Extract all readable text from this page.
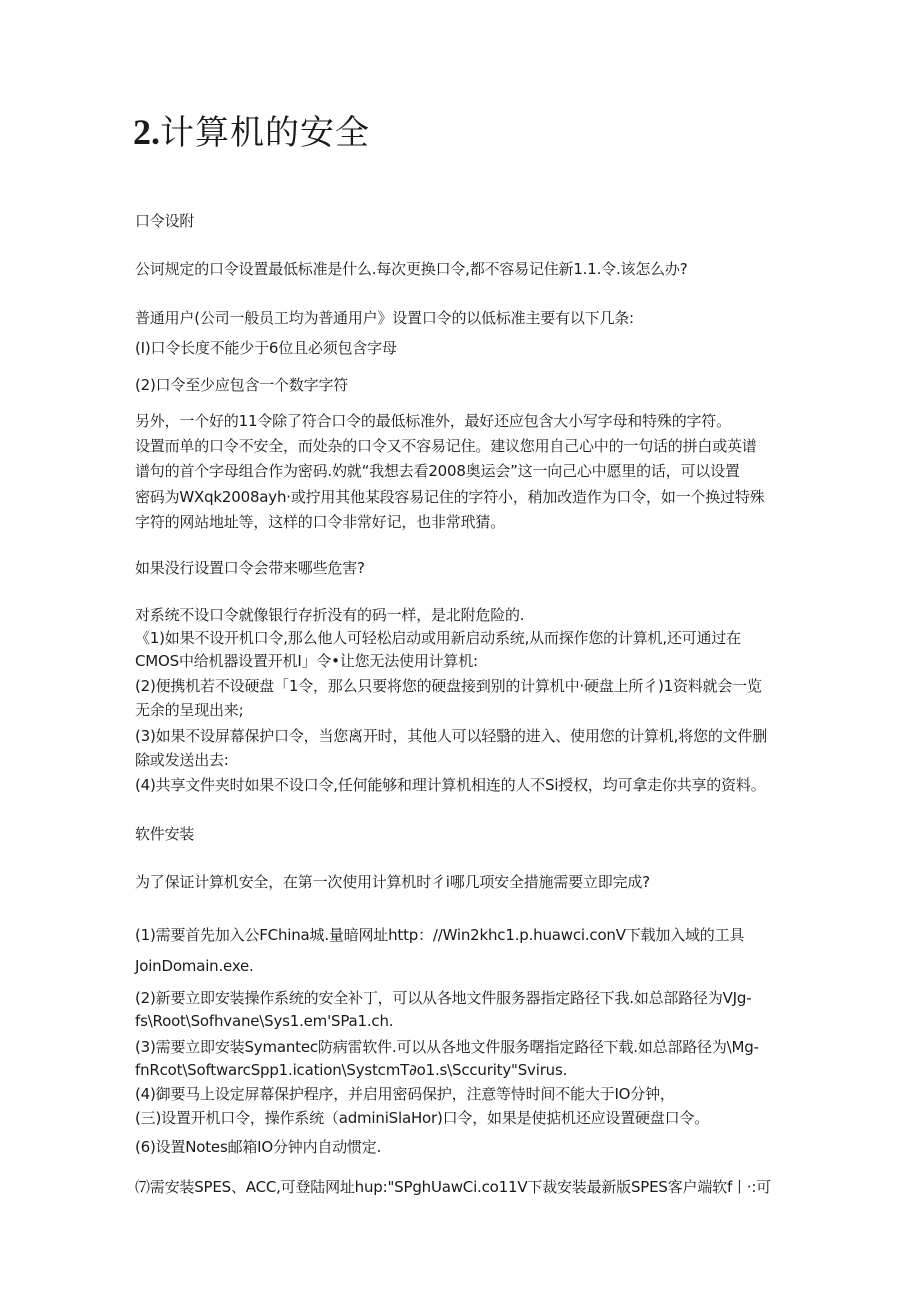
2.计算机的安全

口令设附

公诃规定的口令设置最低标准是什么.每次更换口令,都不容易记住新1.1.令.该怎么办?

普通用户(公司一般员工均为普通用户》设置口令的以低标准主要有以下几条:

(I)口令长度不能少于6位且必须包含字母

(2)口令至少应包含一个数字字符

另外，一个好的11令除了符合口令的最低标准外，最好还应包含大小写字母和特殊的字符。

设置而单的口令不安全，而处杂的口令又不容易记住。建议您用自己心中的一句话的拼白或英谱

谱句的首个字母组合作为密码.妁就“我想去看2008奥运会”这一向己心中愿里的话，可以设置

密码为WXqk2008ayh·或拧用其他某段容易记住的字符小，稍加改造作为口令，如一个换过特殊

字符的网站地址等，这样的口令非常好记，也非常玳猜。

如果没行设置口令会带来哪些危害?

对系统不设口令就像银行存折没有的码一样，是北附危险的.

《1)如果不设开机口令,那么他人可轻松启动或用新启动系统,从而探作您的计算机,还可通过在

CMOS中给机器设置开机I」令•让您无法使用计算机:

(2)便携机若不设硬盘「1令，那么只要将您的硬盘接到别的计算机中·硬盘上所彳)1资料就会一览

无余的呈现出来;

(3)如果不设屏幕保护口令，当您离开时，其他人可以轻翳的进入、使用您的计算机,将您的文件删

除或发送出去:

(4)共享文件夹时如果不设口令,任何能够和理计算机相连的人不Si授权，均可拿走你共享的资料。

软件安装

为了保证计算机安全，在第一次使用计算机时彳i哪几项安全措施需要立即完成?

(1)需要首先加入公FChina城.量暗网址http：//Win2khc1.p.huawci.conV下载加入域的工具

JoinDomain.exe.

(2)新要立即安装操作系统的安全补丁，可以从各地文件服务器指定路径下我.如总部路径为VJg-

fs\Root\Sofhvane\Sys1.em'SPa1.ch.

(3)需要立即安装Symantec防病雷软件.可以从各地文件服务曙指定路径下载.如总部路径为\Mg-

fnRcot\SoftwarcSpp1.ication\SystcmT∂o1.s\Sccurity"Svirus.

(4)御要马上设定屏幕保护程序，并启用密码保护，注意等恃时间不能大于IO分钟，

(三)设置开机口令，操作系统（adminiSlaHor)口令，如果是使掂机还应设置硬盘口令。

(6)设置Notes邮箱IO分钟内自动惯定.

⑺需安装SPES、ACC,可登陆网址hup:"SPghUawCi.co11V下裁安装最新版SPES客户端软f丨·:可
